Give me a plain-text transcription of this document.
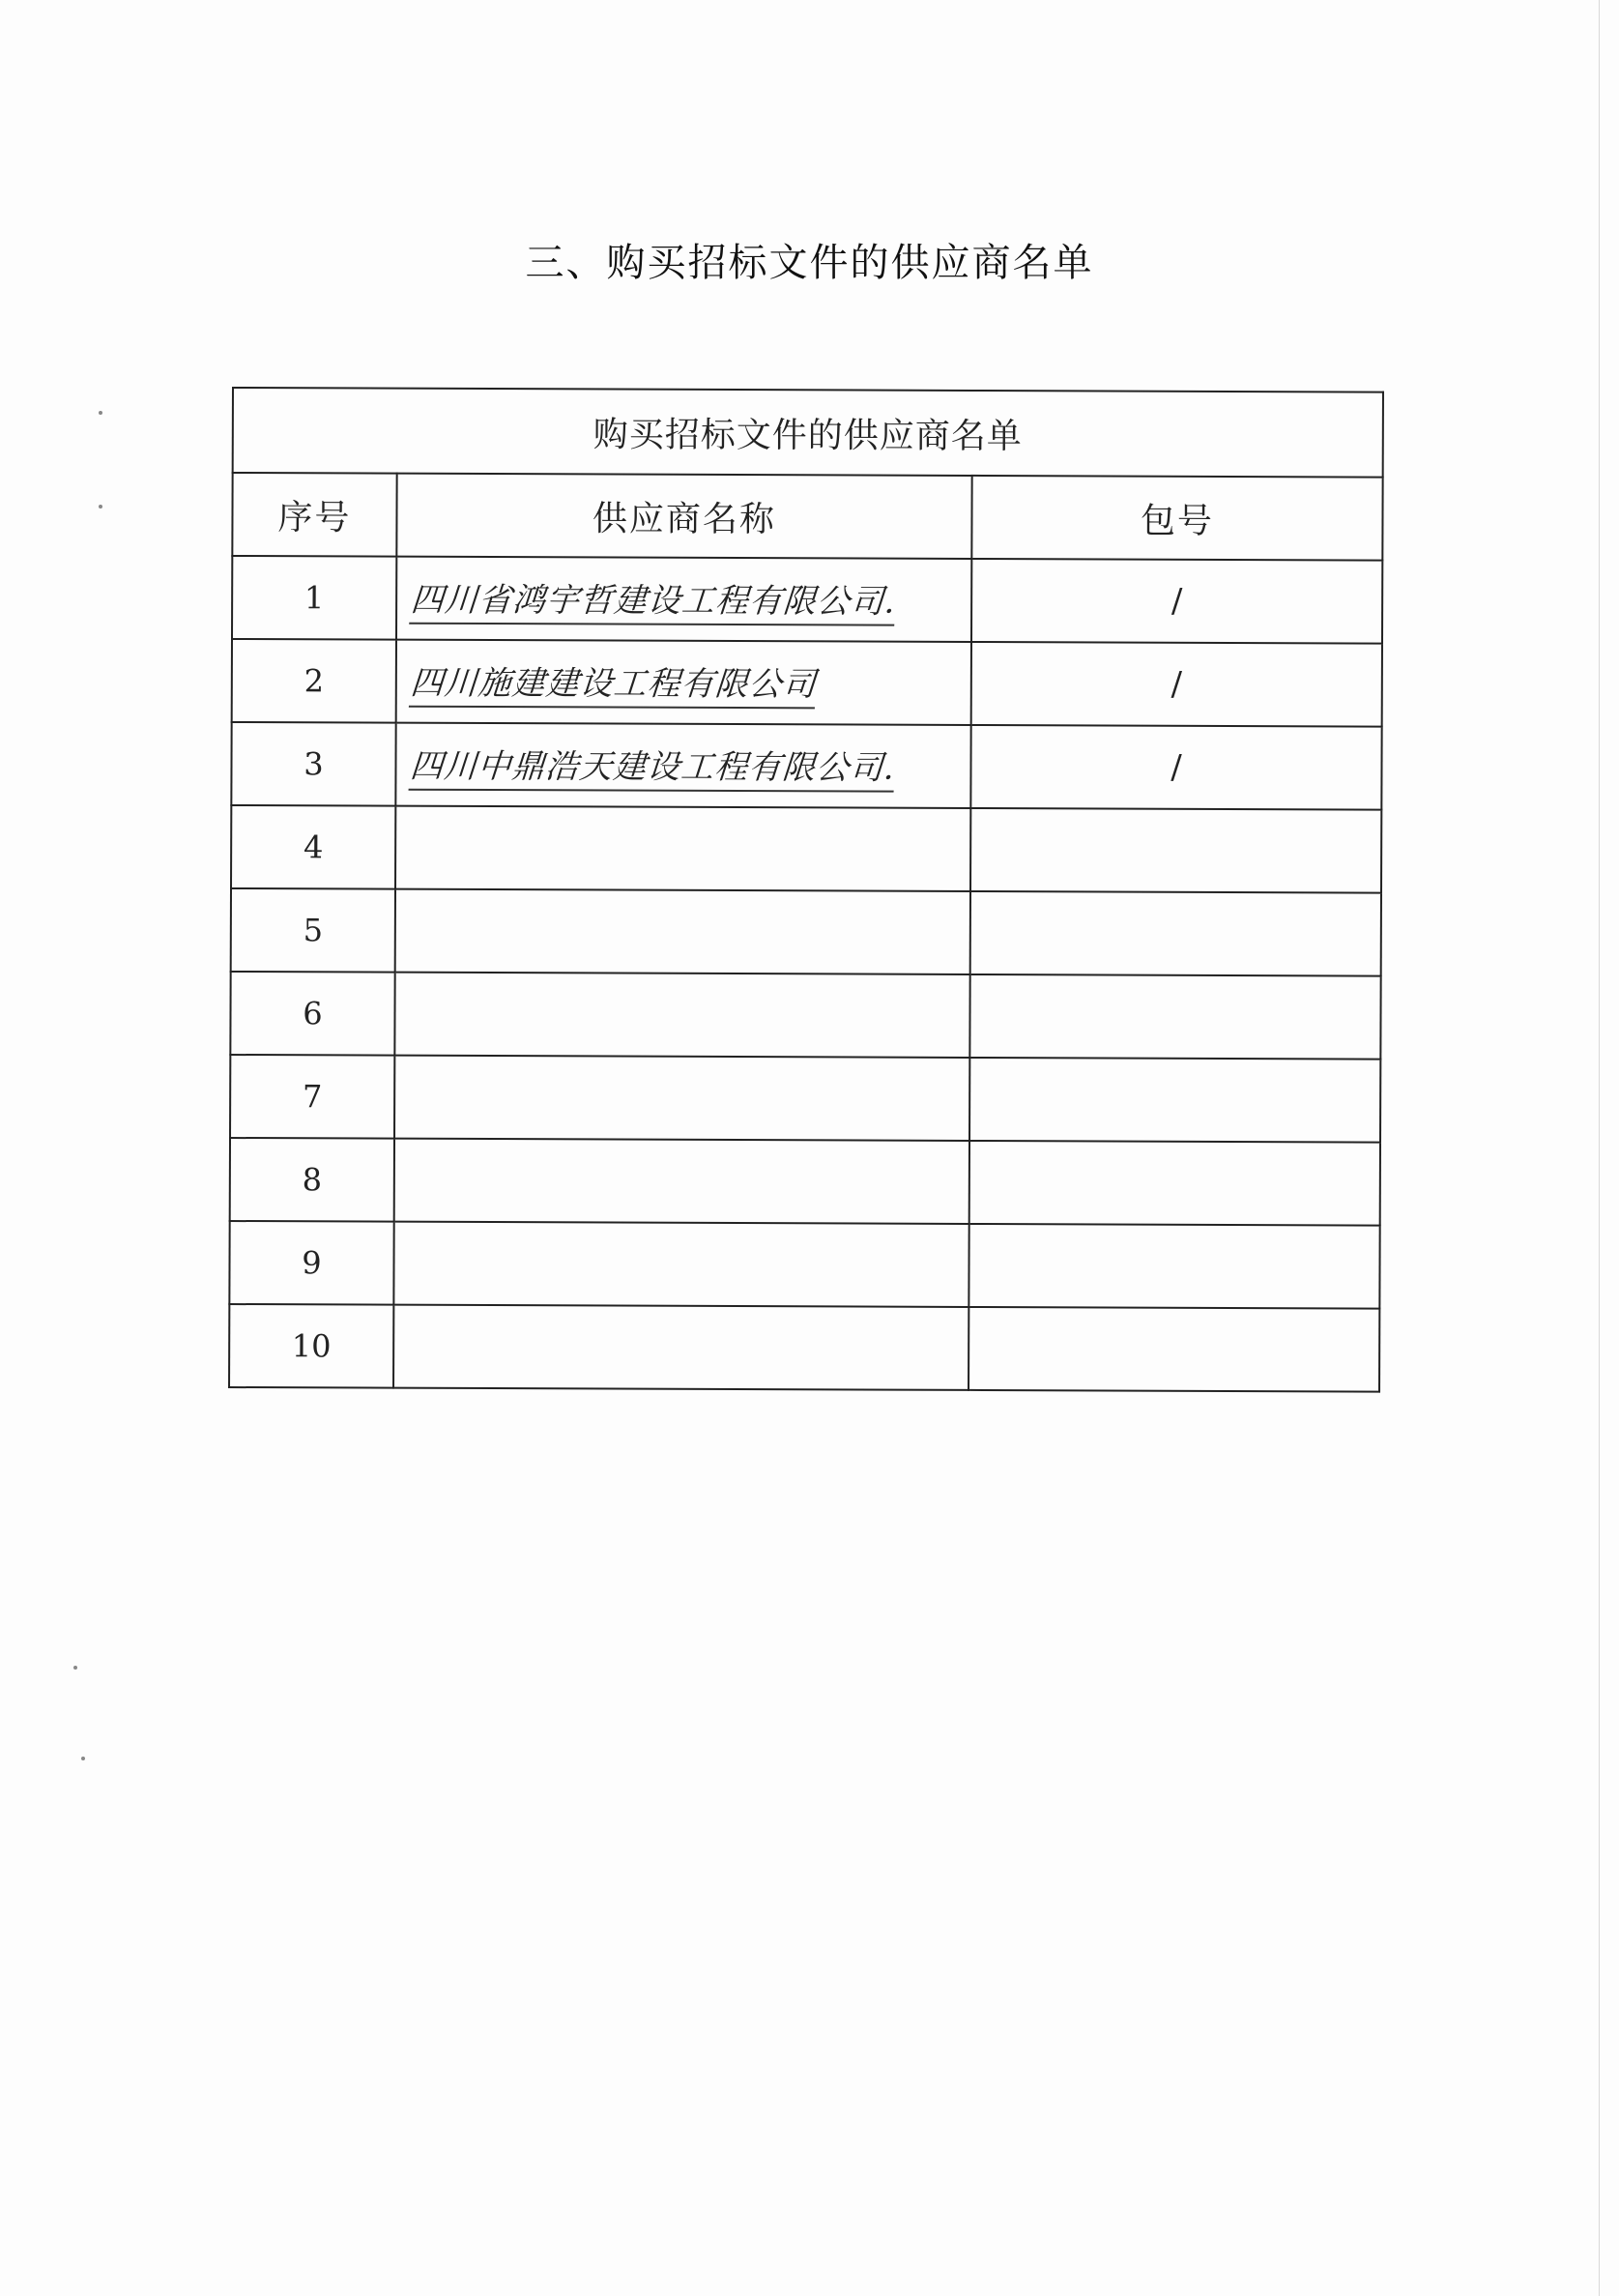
三、购买招标文件的供应商名单
购买招标文件的供应商名单		
序号	供应商名称	包号
1	四川省鸿宇哲建设工程有限公司.	/
2	四川施建建设工程有限公司	/
3	四川中鼎浩天建设工程有限公司.	/
4		
5		
6		
7		
8		
9		
10		
